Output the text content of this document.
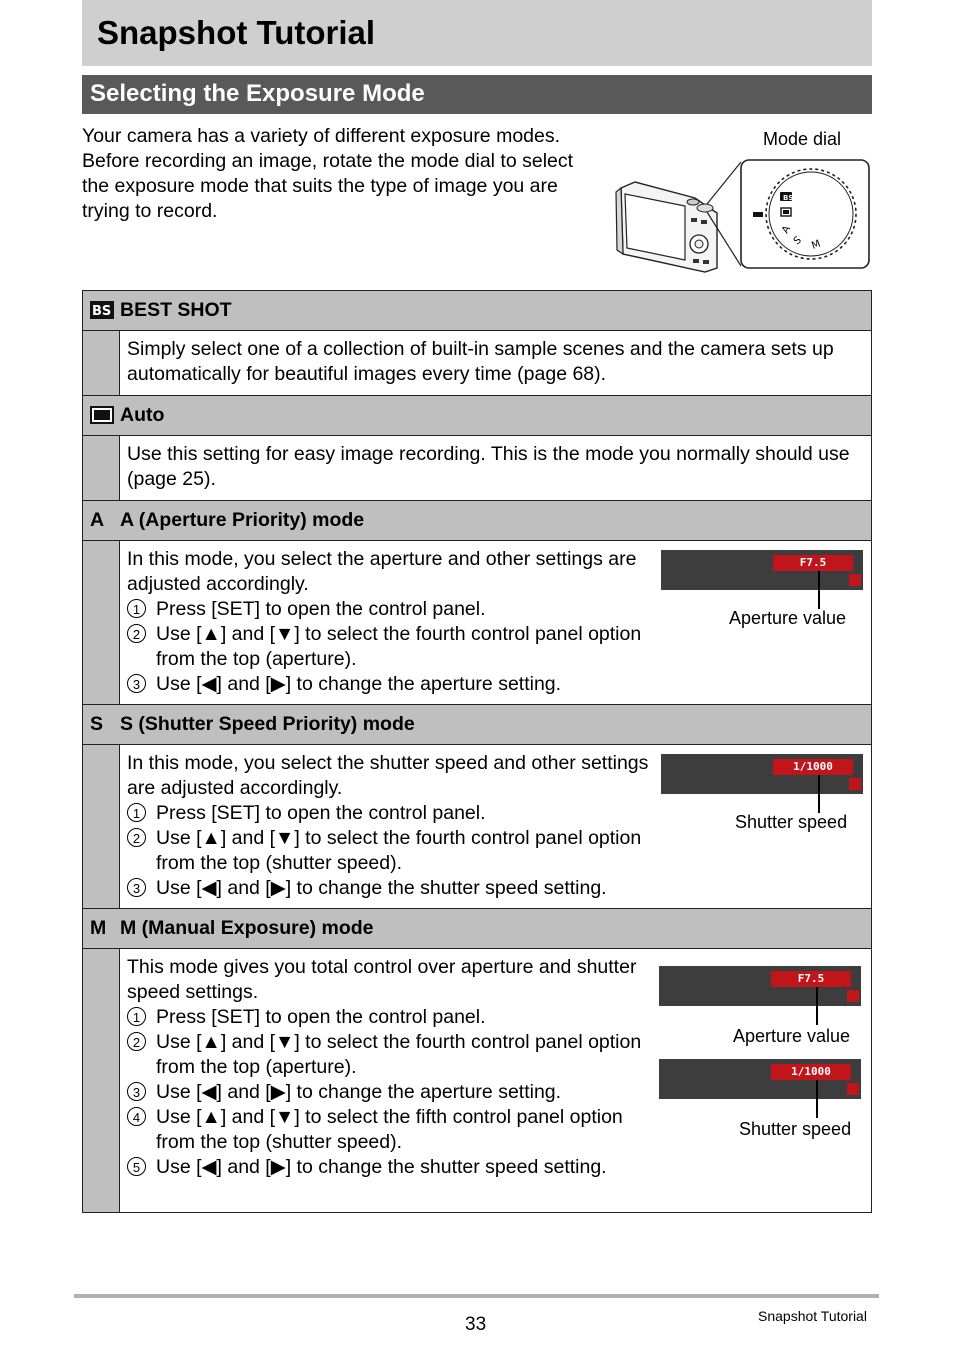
Snapshot Tutorial
Selecting the Exposure Mode
Your camera has a variety of different exposure modes. Before recording an image, rotate the mode dial to select the exposure mode that suits the type of image you are trying to record.
Mode dial
BS
A
S M
BS BEST SHOT
Simply select one of a collection of built-in sample scenes and the camera sets up automatically for beautiful images every time (page 68).
Auto
Use this setting for easy image recording. This is the mode you normally should use (page 25).
A A (Aperture Priority) mode
In this mode, you select the aperture and other settings are adjusted accordingly.
1 Press [SET] to open the control panel.
2 Use [▲] and [▼] to select the fourth control panel option from the top (aperture).
3 Use [◀] and [▶] to change the aperture setting.
F7.5
Aperture value
S S (Shutter Speed Priority) mode
In this mode, you select the shutter speed and other settings are adjusted accordingly.
1 Press [SET] to open the control panel.
2 Use [▲] and [▼] to select the fourth control panel option from the top (shutter speed).
3 Use [◀] and [▶] to change the shutter speed setting.
1/1000
Shutter speed
M M (Manual Exposure) mode
This mode gives you total control over aperture and shutter speed settings.
1 Press [SET] to open the control panel.
2 Use [▲] and [▼] to select the fourth control panel option from the top (aperture).
3 Use [◀] and [▶] to change the aperture setting.
4 Use [▲] and [▼] to select the fifth control panel option from the top (shutter speed).
5 Use [◀] and [▶] to change the shutter speed setting.
F7.5
Aperture value
1/1000
Shutter speed
33	Snapshot Tutorial
